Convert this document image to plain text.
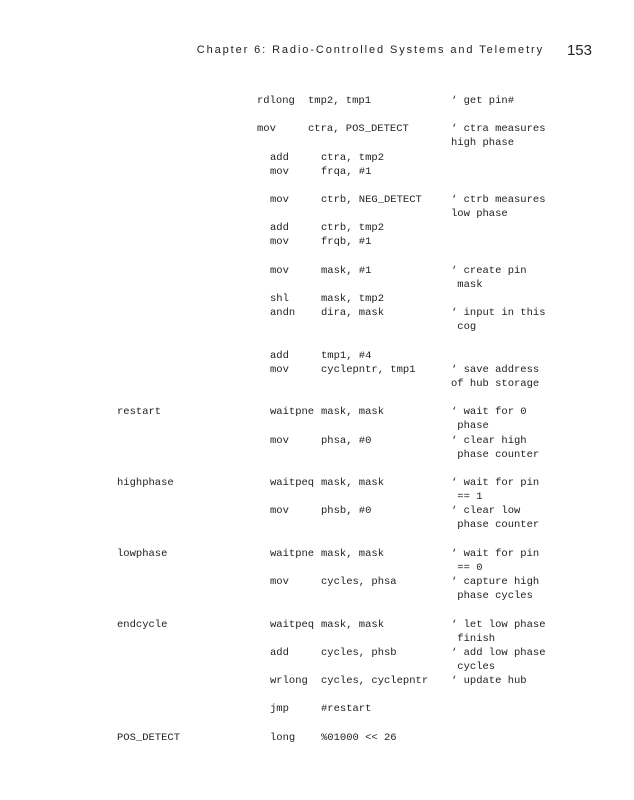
Chapter 6: Radio-Controlled Systems and Telemetry 153

rdlong tmp2, tmp1	‘ get pin#

mov	ctra, POS_DETECT	‘ ctra measures

high phase

add	ctra, tmp2

mov	frqa, #1

mov	ctrb, NEG_DETECT	‘ ctrb measures

low phase

add	ctrb, tmp2

mov	frqb, #1

mov	mask, #1	‘ create pin

mask

shl	mask, tmp2

andn dira, mask	‘ input in this

cog

add	tmp1, #4

mov	cyclepntr, tmp1	‘ save address

of hub storage

restart	waitpne mask, mask	‘ wait for 0

phase

mov	phsa, #0	‘ clear high

phase counter

highphase	waitpeq mask, mask	‘ wait for pin

== 1

mov	phsb, #0	‘ clear low

phase counter

lowphase	waitpne mask, mask	‘ wait for pin

== 0

mov	cycles, phsa	‘ capture high

phase cycles

endcycle	waitpeq mask, mask	‘ let low phase

finish

add	cycles, phsb	‘ add low phase

cycles

wrlong cycles, cyclepntr ‘ update hub

jmp	#restart

POS_DETECT	long %01000 << 26
